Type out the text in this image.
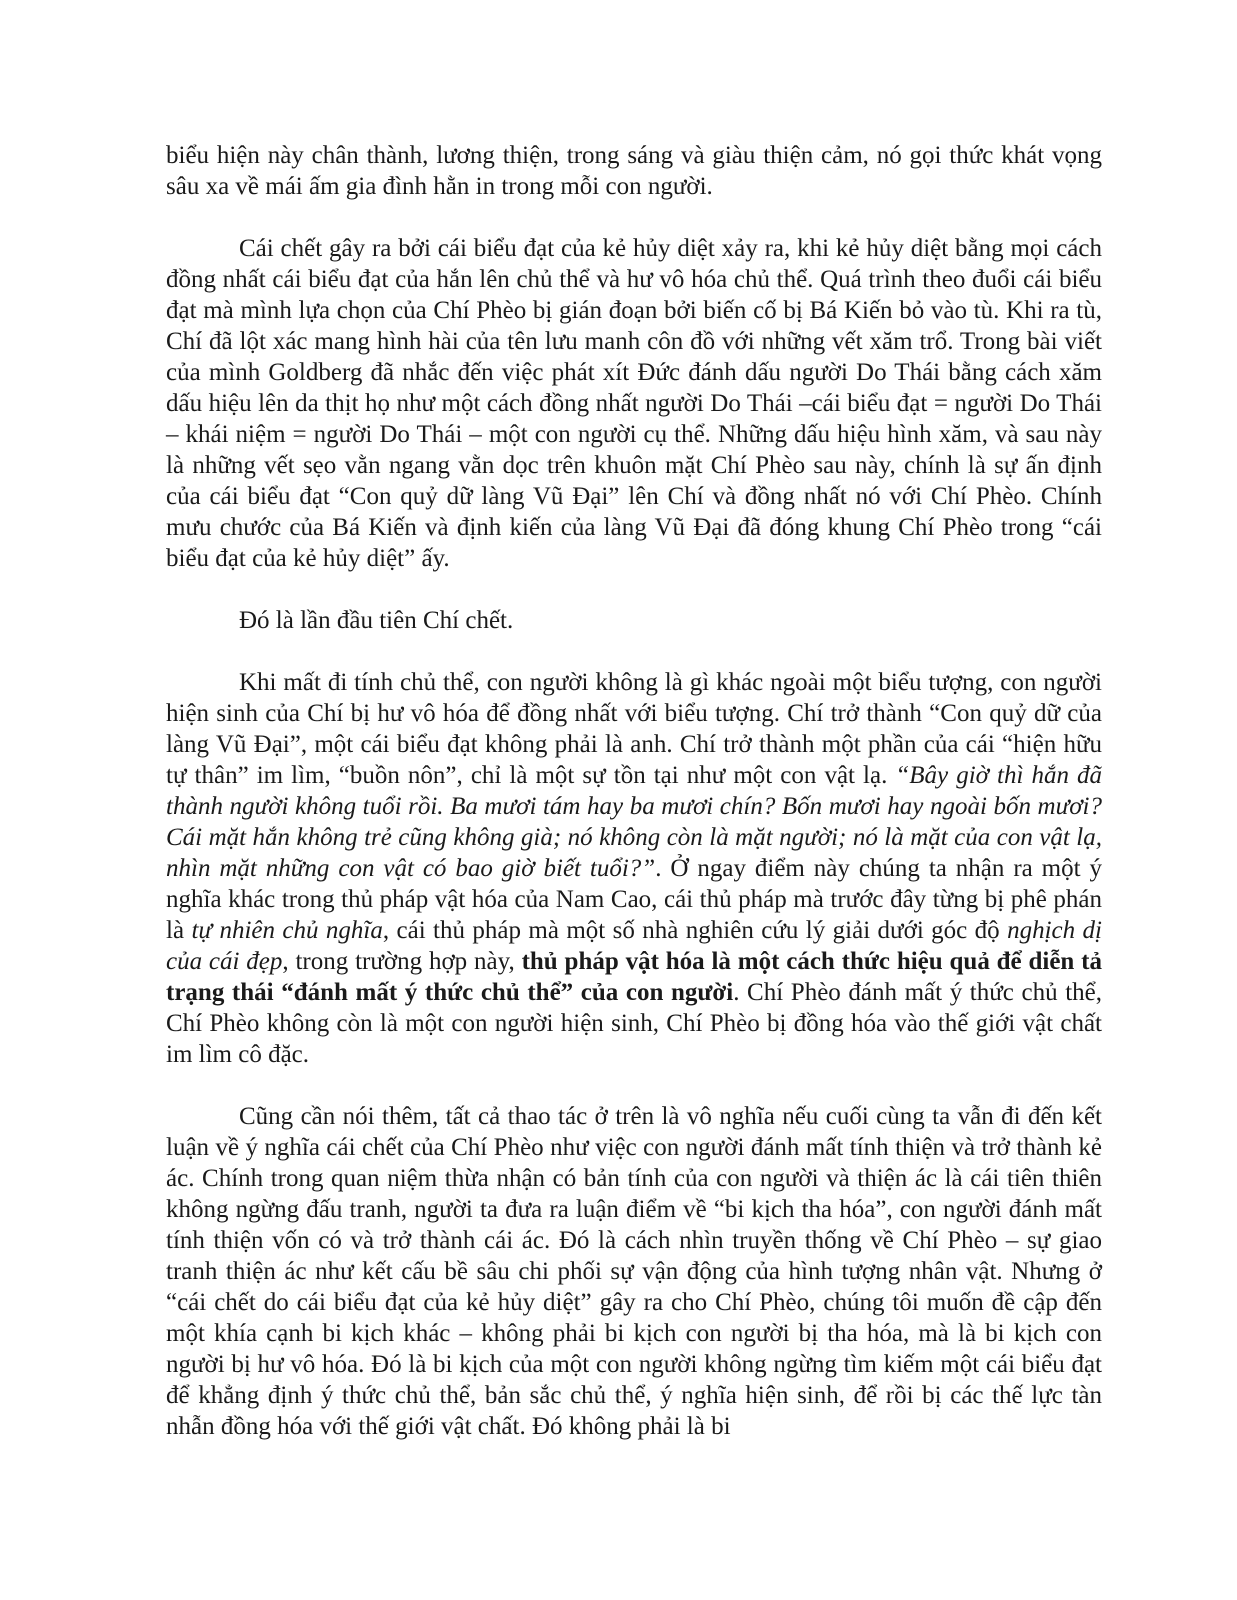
biểu hiện này chân thành, lương thiện, trong sáng và giàu thiện cảm, nó gọi thức khát vọng sâu xa về mái ấm gia đình hằn in trong mỗi con người.

Cái chết gây ra bởi cái biểu đạt của kẻ hủy diệt xảy ra, khi kẻ hủy diệt bằng mọi cách đồng nhất cái biểu đạt của hắn lên chủ thể và hư vô hóa chủ thể. Quá trình theo đuổi cái biểu đạt mà mình lựa chọn của Chí Phèo bị gián đoạn bởi biến cố bị Bá Kiến bỏ vào tù. Khi ra tù, Chí đã lột xác mang hình hài của tên lưu manh côn đồ với những vết xăm trổ. Trong bài viết của mình Goldberg đã nhắc đến việc phát xít Đức đánh dấu người Do Thái bằng cách xăm dấu hiệu lên da thịt họ như một cách đồng nhất người Do Thái –cái biểu đạt = người Do Thái – khái niệm = người Do Thái – một con người cụ thể. Những dấu hiệu hình xăm, và sau này là những vết sẹo vằn ngang vằn dọc trên khuôn mặt Chí Phèo sau này, chính là sự ấn định của cái biểu đạt “Con quỷ dữ làng Vũ Đại” lên Chí và đồng nhất nó với Chí Phèo. Chính mưu chước của Bá Kiến và định kiến của làng Vũ Đại đã đóng khung Chí Phèo trong “cái biểu đạt của kẻ hủy diệt” ấy.

Đó là lần đầu tiên Chí chết.

Khi mất đi tính chủ thể, con người không là gì khác ngoài một biểu tượng, con người hiện sinh của Chí bị hư vô hóa để đồng nhất với biểu tượng. Chí trở thành “Con quỷ dữ của làng Vũ Đại”, một cái biểu đạt không phải là anh. Chí trở thành một phần của cái “hiện hữu tự thân” im lìm, “buồn nôn”, chỉ là một sự tồn tại như một con vật lạ. “Bây giờ thì hắn đã thành người không tuổi rồi. Ba mươi tám hay ba mươi chín? Bốn mươi hay ngoài bốn mươi? Cái mặt hắn không trẻ cũng không già; nó không còn là mặt người; nó là mặt của con vật lạ, nhìn mặt những con vật có bao giờ biết tuổi?”. Ở ngay điểm này chúng ta nhận ra một ý nghĩa khác trong thủ pháp vật hóa của Nam Cao, cái thủ pháp mà trước đây từng bị phê phán là tự nhiên chủ nghĩa, cái thủ pháp mà một số nhà nghiên cứu lý giải dưới góc độ nghịch dị của cái đẹp, trong trường hợp này, thủ pháp vật hóa là một cách thức hiệu quả để diễn tả trạng thái “đánh mất ý thức chủ thể” của con người. Chí Phèo đánh mất ý thức chủ thể, Chí Phèo không còn là một con người hiện sinh, Chí Phèo bị đồng hóa vào thế giới vật chất im lìm cô đặc.

Cũng cần nói thêm, tất cả thao tác ở trên là vô nghĩa nếu cuối cùng ta vẫn đi đến kết luận về ý nghĩa cái chết của Chí Phèo như việc con người đánh mất tính thiện và trở thành kẻ ác. Chính trong quan niệm thừa nhận có bản tính của con người và thiện ác là cái tiên thiên không ngừng đấu tranh, người ta đưa ra luận điểm về “bi kịch tha hóa”, con người đánh mất tính thiện vốn có và trở thành cái ác. Đó là cách nhìn truyền thống về Chí Phèo – sự giao tranh thiện ác như kết cấu bề sâu chi phối sự vận động của hình tượng nhân vật. Nhưng ở “cái chết do cái biểu đạt của kẻ hủy diệt” gây ra cho Chí Phèo, chúng tôi muốn đề cập đến một khía cạnh bi kịch khác – không phải bi kịch con người bị tha hóa, mà là bi kịch con người bị hư vô hóa. Đó là bi kịch của một con người không ngừng tìm kiếm một cái biểu đạt để khẳng định ý thức chủ thể, bản sắc chủ thể, ý nghĩa hiện sinh, để rồi bị các thế lực tàn nhẫn đồng hóa với thế giới vật chất. Đó không phải là bi
